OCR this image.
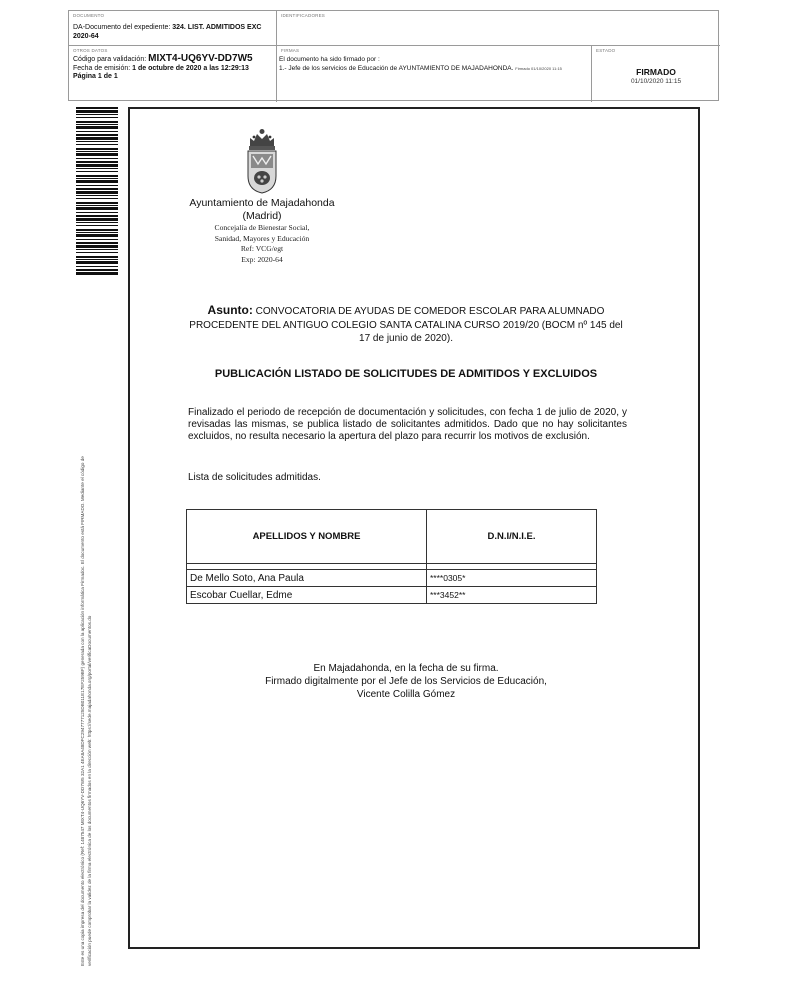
DOCUMENTO
DA-Documento del expediente: 324. LIST. ADMITIDOS EXC 2020-64
IDENTIFICADORES
OTROS DATOS
Código para validación: MIXT4-UQ6YV-DD7W5
Fecha de emisión: 1 de octubre de 2020 a las 12:29:13
Página 1 de 1
FIRMAS
El documento ha sido firmado por :
1.- Jefe de los servicios de Educación de AYUNTAMIENTO DE MAJADAHONDA. Firmado 01/10/2020 11:15
ESTADO
FIRMADO
01/10/2020 11:15
Este es una copia impresa del documento electrónico (Ref: 1487547 MIXT4-UQ6YV-DD7W5 32A1 4EA8A48DFC2947777125DB011E17EF259BF) generada con la aplicación informática Firmadoc. El documento está FIRMADO. Mediante el código de verificación puede comprobar la validez de la firma electrónica de los documentos firmados en la dirección web: https://sede.majadahonda.org/portal/verificaDocumentos.do
Ayuntamiento de Majadahonda
(Madrid)
Concejalía de Bienestar Social,
Sanidad, Mayores y Educación
Ref: VCG/egt
Exp: 2020-64
Asunto: CONVOCATORIA DE AYUDAS DE COMEDOR ESCOLAR PARA ALUMNADO PROCEDENTE DEL ANTIGUO COLEGIO SANTA CATALINA CURSO 2019/20 (BOCM nº 145 del 17 de junio de 2020).
PUBLICACIÓN LISTADO DE SOLICITUDES DE ADMITIDOS Y EXCLUIDOS
Finalizado el periodo de recepción de documentación y solicitudes, con fecha 1 de julio de 2020, y revisadas las mismas, se publica listado de solicitantes admitidos. Dado que no hay solicitantes excluidos, no resulta necesario la apertura del plazo para recurrir los motivos de exclusión.
Lista de solicitudes admitidas.
APELLIDOS Y NOMBRE	D.N.I/N.I.E.

De Mello Soto, Ana Paula	****0305*
Escobar Cuellar, Edme	***3452**
En Majadahonda, en la fecha de su firma.
Firmado digitalmente por el Jefe de los Servicios de Educación,
Vicente Colilla Gómez
